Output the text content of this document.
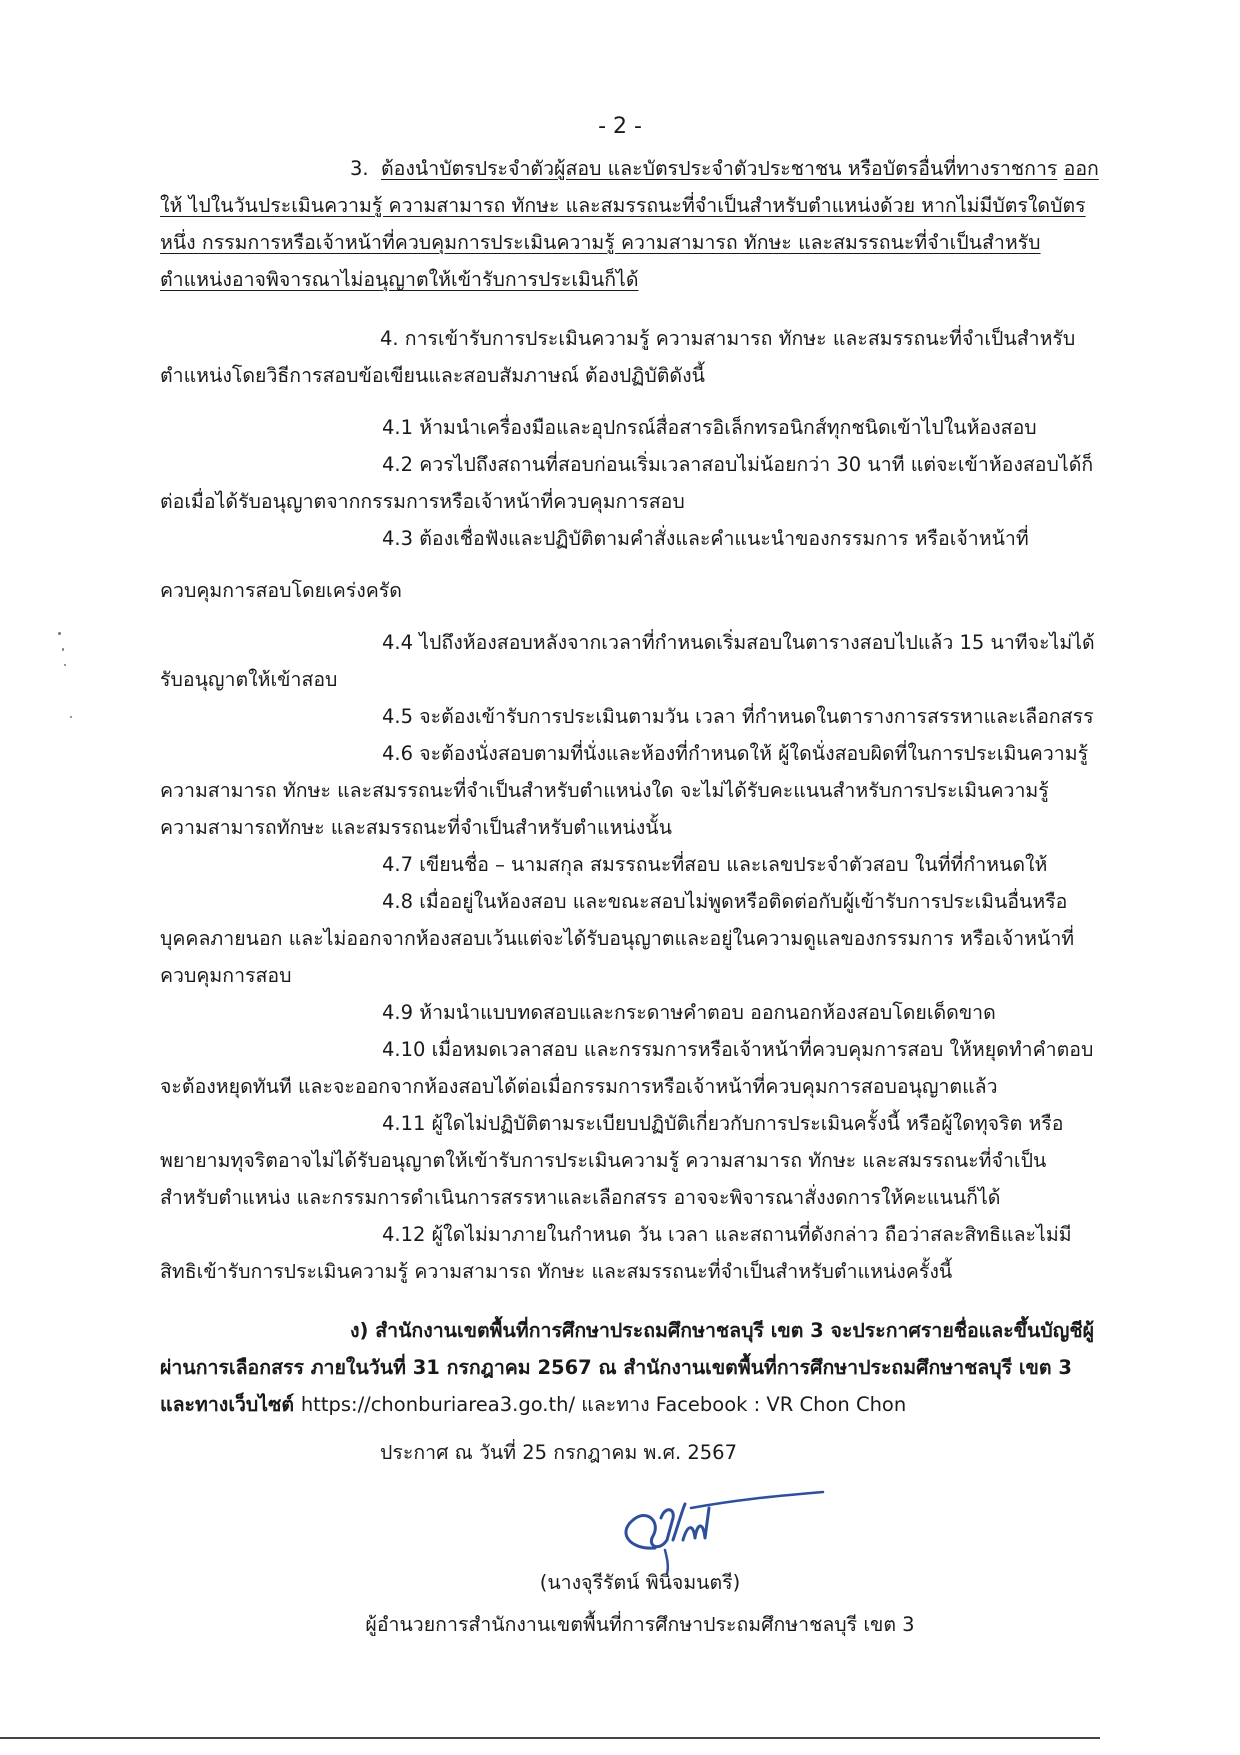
- 2 -

3. ต้องนำบัตรประจำตัวผู้สอบ และบัตรประจำตัวประชาชน หรือบัตรอื่นที่ทางราชการ ออกให้ ไปในวันประเมินความรู้ ความสามารถ ทักษะ และสมรรถนะที่จำเป็นสำหรับตำแหน่งด้วย หากไม่มีบัตรใดบัตรหนึ่ง กรรมการหรือเจ้าหน้าที่ควบคุมการประเมินความรู้ ความสามารถ ทักษะ และสมรรถนะที่จำเป็นสำหรับตำแหน่งอาจพิจารณาไม่อนุญาตให้เข้ารับการประเมินก็ได้

4. การเข้ารับการประเมินความรู้ ความสามารถ ทักษะ และสมรรถนะที่จำเป็นสำหรับตำแหน่งโดยวิธีการสอบข้อเขียนและสอบสัมภาษณ์ ต้องปฏิบัติดังนี้

4.1 ห้ามนำเครื่องมือและอุปกรณ์สื่อสารอิเล็กทรอนิกส์ทุกชนิดเข้าไปในห้องสอบ

4.2 ควรไปถึงสถานที่สอบก่อนเริ่มเวลาสอบไม่น้อยกว่า 30 นาที แต่จะเข้าห้องสอบได้ก็ต่อเมื่อได้รับอนุญาตจากกรรมการหรือเจ้าหน้าที่ควบคุมการสอบ

4.3 ต้องเชื่อฟังและปฏิบัติตามคำสั่งและคำแนะนำของกรรมการ หรือเจ้าหน้าที่

ควบคุมการสอบโดยเคร่งครัด

4.4 ไปถึงห้องสอบหลังจากเวลาที่กำหนดเริ่มสอบในตารางสอบไปแล้ว 15 นาทีจะไม่ได้รับอนุญาตให้เข้าสอบ

4.5 จะต้องเข้ารับการประเมินตามวัน เวลา ที่กำหนดในตารางการสรรหาและเลือกสรร

4.6 จะต้องนั่งสอบตามที่นั่งและห้องที่กำหนดให้ ผู้ใดนั่งสอบผิดที่ในการประเมินความรู้ความสามารถ ทักษะ และสมรรถนะที่จำเป็นสำหรับตำแหน่งใด จะไม่ได้รับคะแนนสำหรับการประเมินความรู้ ความสามารถทักษะ และสมรรถนะที่จำเป็นสำหรับตำแหน่งนั้น

4.7 เขียนชื่อ – นามสกุล สมรรถนะที่สอบ และเลขประจำตัวสอบ ในที่ที่กำหนดให้

4.8 เมื่ออยู่ในห้องสอบ และขณะสอบไม่พูดหรือติดต่อกับผู้เข้ารับการประเมินอื่นหรือบุคคลภายนอก และไม่ออกจากห้องสอบเว้นแต่จะได้รับอนุญาตและอยู่ในความดูแลของกรรมการ หรือเจ้าหน้าที่ควบคุมการสอบ

4.9 ห้ามนำแบบทดสอบและกระดาษคำตอบ ออกนอกห้องสอบโดยเด็ดขาด

4.10 เมื่อหมดเวลาสอบ และกรรมการหรือเจ้าหน้าที่ควบคุมการสอบ ให้หยุดทำคำตอบจะต้องหยุดทันที และจะออกจากห้องสอบได้ต่อเมื่อกรรมการหรือเจ้าหน้าที่ควบคุมการสอบอนุญาตแล้ว

4.11 ผู้ใดไม่ปฏิบัติตามระเบียบปฏิบัติเกี่ยวกับการประเมินครั้งนี้ หรือผู้ใดทุจริต หรือพยายามทุจริตอาจไม่ได้รับอนุญาตให้เข้ารับการประเมินความรู้ ความสามารถ ทักษะ และสมรรถนะที่จำเป็นสำหรับตำแหน่ง และกรรมการดำเนินการสรรหาและเลือกสรร อาจจะพิจารณาสั่งงดการให้คะแนนก็ได้

4.12 ผู้ใดไม่มาภายในกำหนด วัน เวลา และสถานที่ดังกล่าว ถือว่าสละสิทธิและไม่มีสิทธิเข้ารับการประเมินความรู้ ความสามารถ ทักษะ และสมรรถนะที่จำเป็นสำหรับตำแหน่งครั้งนี้

ง) สำนักงานเขตพื้นที่การศึกษาประถมศึกษาชลบุรี เขต 3 จะประกาศรายชื่อและขึ้นบัญชีผู้ผ่านการเลือกสรร ภายในวันที่ 31 กรกฎาคม 2567 ณ สำนักงานเขตพื้นที่การศึกษาประถมศึกษาชลบุรี เขต 3 และทางเว็บไซต์ https://chonburiarea3.go.th/ และทาง Facebook : VR Chon Chon

ประกาศ ณ วันที่ 25 กรกฎาคม พ.ศ. 2567
(นางจุรีรัตน์ พินิจมนตรี)
ผู้อำนวยการสำนักงานเขตพื้นที่การศึกษาประถมศึกษาชลบุรี เขต 3
